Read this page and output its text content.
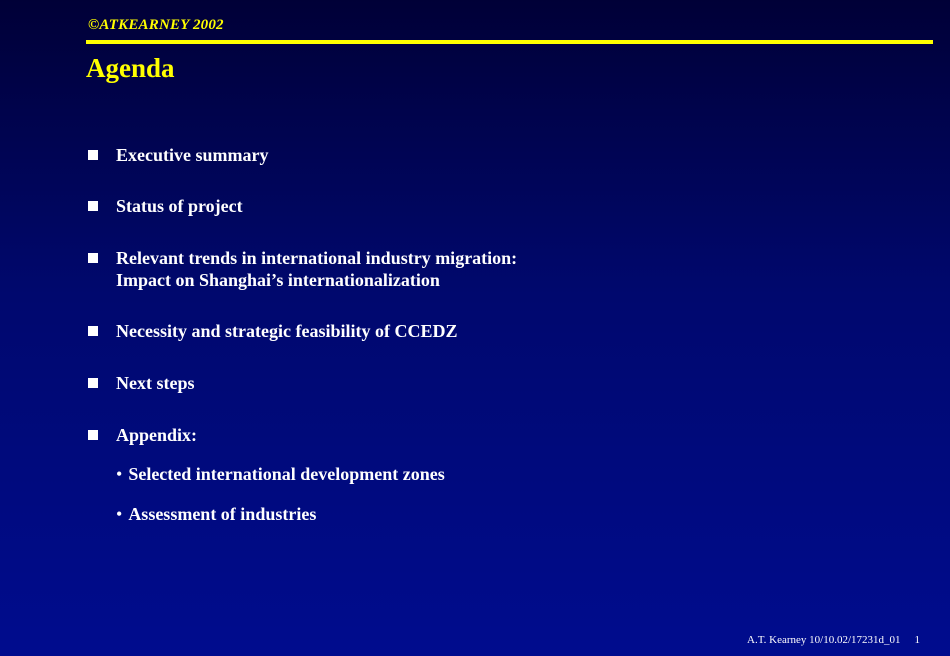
©ATKEARNEY 2002
Agenda
Executive summary
Status of project
Relevant trends in international industry migration:
Impact on Shanghai’s internationalization
Necessity and strategic feasibility of CCEDZ
Next steps
Appendix:
• Selected international development zones
• Assessment of industries
A.T. Kearney 10/10.02/17231d_01 1
